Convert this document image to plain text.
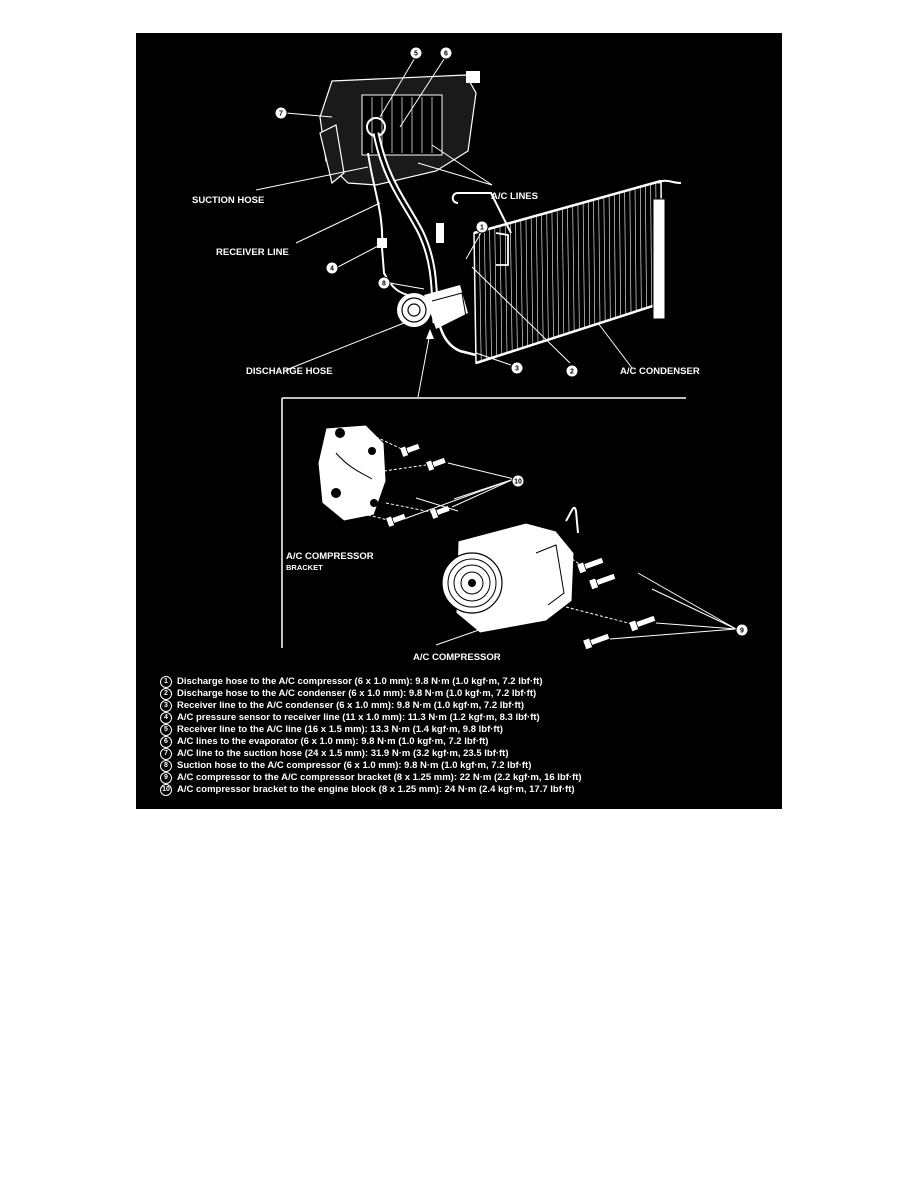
5	6
7
1
4
8
3	2
10
9
SUCTION HOSE
RECEIVER LINE
A/C LINES
DISCHARGE HOSE	A/C CONDENSER
A/C COMPRESSOR
BRACKET
A/C COMPRESSOR
1 Discharge hose to the A/C compressor (6 x 1.0 mm): 9.8 N·m (1.0 kgf·m, 7.2 lbf·ft)
2 Discharge hose to the A/C condenser (6 x 1.0 mm): 9.8 N·m (1.0 kgf·m, 7.2 lbf·ft)
3 Receiver line to the A/C condenser (6 x 1.0 mm): 9.8 N·m (1.0 kgf·m, 7.2 lbf·ft)
4 A/C pressure sensor to receiver line (11 x 1.0 mm): 11.3 N·m (1.2 kgf·m, 8.3 lbf·ft)
5 Receiver line to the A/C line (16 x 1.5 mm): 13.3 N·m (1.4 kgf·m, 9.8 lbf·ft)
6 A/C lines to the evaporator (6 x 1.0 mm): 9.8 N·m (1.0 kgf·m, 7.2 lbf·ft)
7 A/C line to the suction hose (24 x 1.5 mm): 31.9 N·m (3.2 kgf·m, 23.5 lbf·ft)
8 Suction hose to the A/C compressor (6 x 1.0 mm): 9.8 N·m (1.0 kgf·m, 7.2 lbf·ft)
9 A/C compressor to the A/C compressor bracket (8 x 1.25 mm): 22 N·m (2.2 kgf·m, 16 lbf·ft)
10 A/C compressor bracket to the engine block (8 x 1.25 mm): 24 N·m (2.4 kgf·m, 17.7 lbf·ft)
